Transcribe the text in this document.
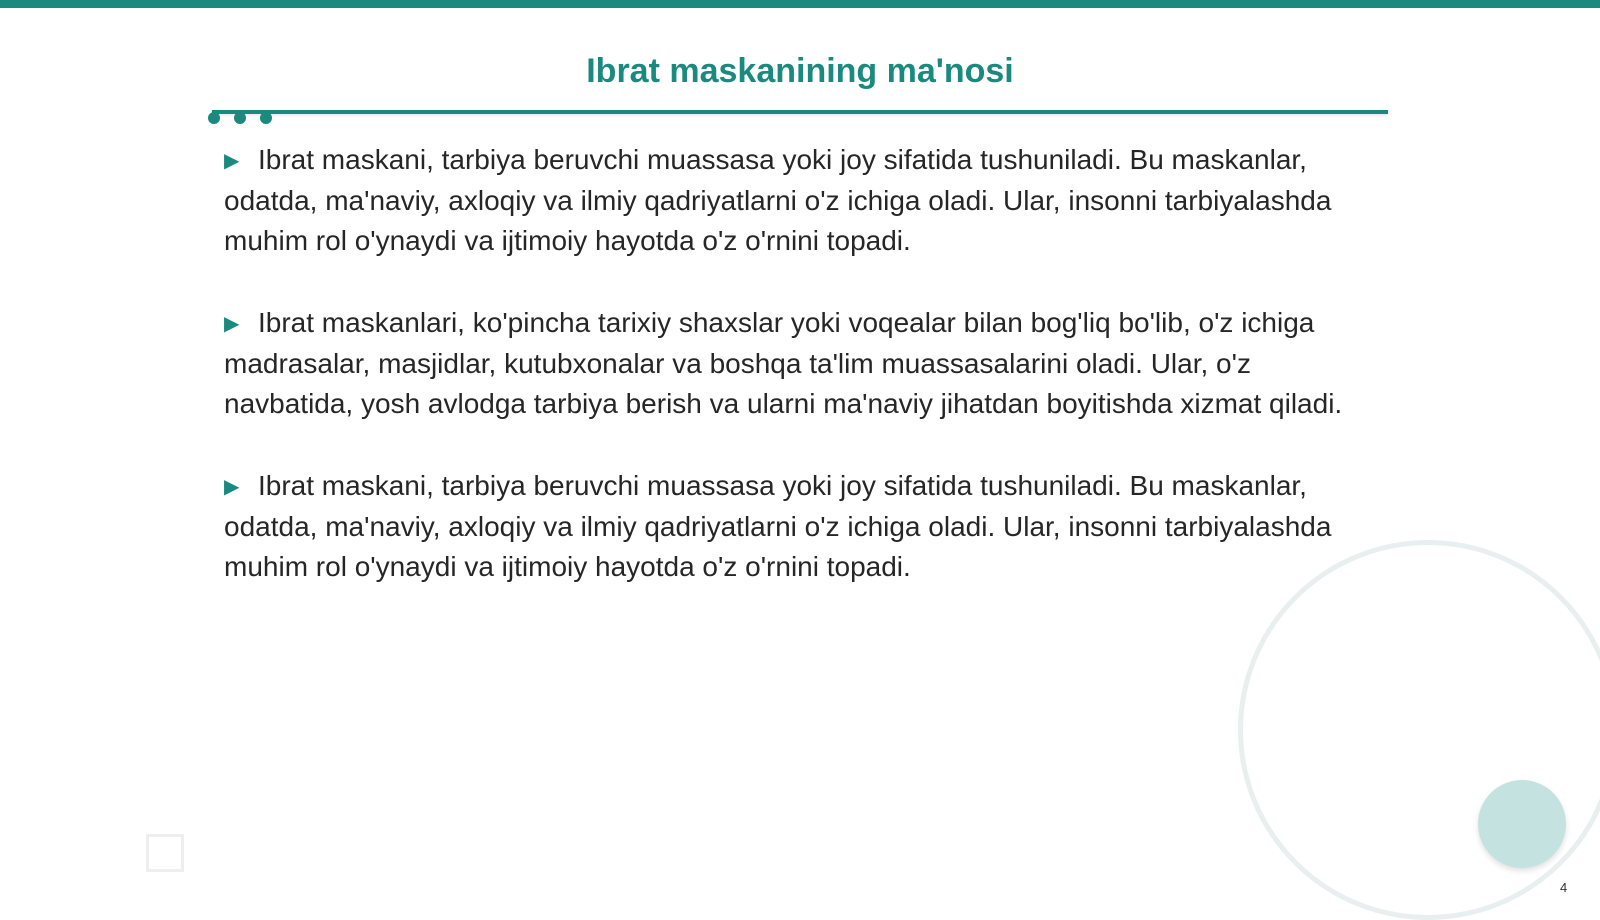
Ibrat maskanining ma'nosi

▶ Ibrat maskani, tarbiya beruvchi muassasa yoki joy sifatida tushuniladi. Bu maskanlar, odatda, ma'naviy, axloqiy va ilmiy qadriyatlarni o'z ichiga oladi. Ular, insonni tarbiyalashda muhim rol o'ynaydi va ijtimoiy hayotda o'z o'rnini topadi.

▶ Ibrat maskanlari, ko'pincha tarixiy shaxslar yoki voqealar bilan bog'liq bo'lib, o'z ichiga madrasalar, masjidlar, kutubxonalar va boshqa ta'lim muassasalarini oladi. Ular, o'z navbatida, yosh avlodga tarbiya berish va ularni ma'naviy jihatdan boyitishda xizmat qiladi.

▶ Ibrat maskani, tarbiya beruvchi muassasa yoki joy sifatida tushuniladi. Bu maskanlar, odatda, ma'naviy, axloqiy va ilmiy qadriyatlarni o'z ichiga oladi. Ular, insonni tarbiyalashda muhim rol o'ynaydi va ijtimoiy hayotda o'z o'rnini topadi.

4
